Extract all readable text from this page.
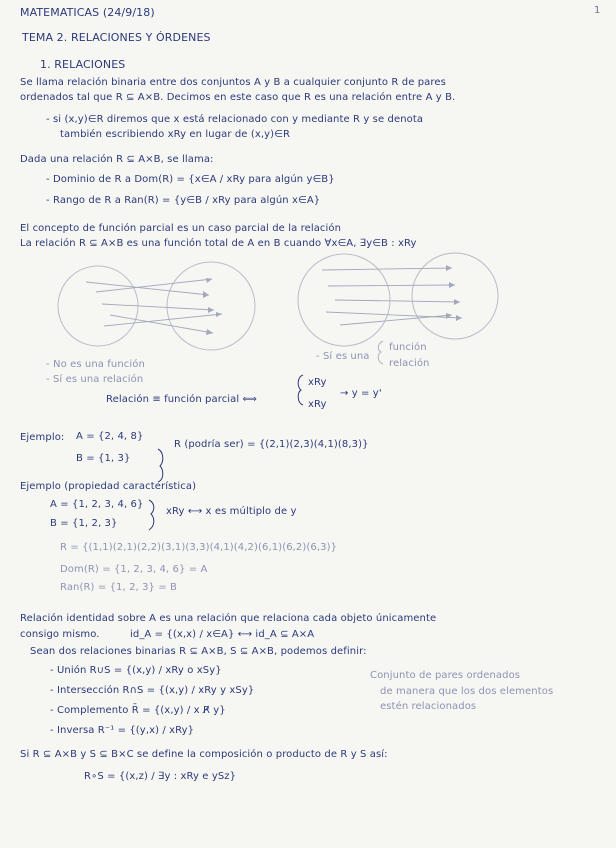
MATEMATICAS (24/9/18)	1
TEMA 2. RELACIONES Y ÓRDENES
1. RELACIONES
Se llama relación binaria entre dos conjuntos A y B a cualquier conjunto R de pares
ordenados tal que R ⊆ A×B. Decimos en este caso que R es una relación entre A y B.
- si (x,y)∈R diremos que x está relacionado con y mediante R y se denota
también escribiendo xRy en lugar de (x,y)∈R
Dada una relación R ⊆ A×B, se llama:
- Dominio de R a Dom(R) = {x∈A / xRy para algún y∈B}
- Rango de R a Ran(R) = {y∈B / xRy para algún x∈A}
El concepto de función parcial es un caso parcial de la relación
La relación R ⊆ A×B es una función total de A en B cuando ∀x∈A, ∃y∈B : xRy
- No es una función
- Sí es una relación
- Sí es una
función
relación
Relación ≡ función parcial ⟺
xRy
xRy
→ y = y'
Ejemplo: A = {2, 4, 8}
B = {1, 3}
R (podría ser) = {(2,1)(2,3)(4,1)(8,3)}
Ejemplo (propiedad característica)
A = {1, 2, 3, 4, 6}
B = {1, 2, 3}
xRy ⟷ x es múltiplo de y
R = {(1,1)(2,1)(2,2)(3,1)(3,3)(4,1)(4,2)(6,1)(6,2)(6,3)}
Dom(R) = {1, 2, 3, 4, 6} = A
Ran(R) = {1, 2, 3} = B
Relación identidad sobre A es una relación que relaciona cada objeto únicamente
consigo mismo.	id_A = {(x,x) / x∈A} ⟷ id_A ⊆ A×A
Sean dos relaciones binarias R ⊆ A×B, S ⊆ A×B, podemos definir:
- Unión R∪S = {(x,y) / xRy o xSy}
- Intersección R∩S = {(x,y) / xRy y xSy}
- Complemento R̄ = {(x,y) / x R̸ y}
- Inversa R⁻¹ = {(y,x) / xRy}
Conjunto de pares ordenados
de manera que los dos elementos
estén relacionados
Si R ⊆ A×B y S ⊆ B×C se define la composición o producto de R y S así:
R∘S = {(x,z) / ∃y : xRy e ySz}
